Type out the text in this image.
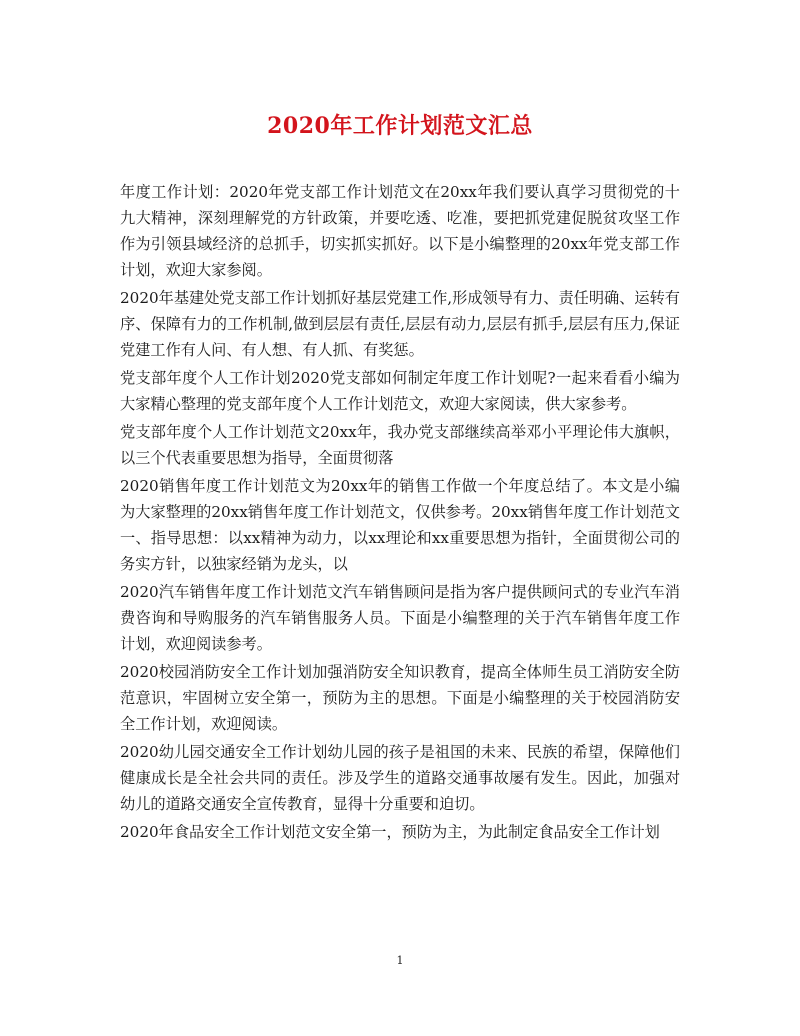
2020年工作计划范文汇总

年度工作计划：2020年党支部工作计划范文在20xx年我们要认真学习贯彻党的十九大精神，深刻理解党的方针政策，并要吃透、吃准，要把抓党建促脱贫攻坚工作作为引领县域经济的总抓手，切实抓实抓好。以下是小编整理的20xx年党支部工作计划，欢迎大家参阅。

2020年基建处党支部工作计划抓好基层党建工作,形成领导有力、责任明确、运转有序、保障有力的工作机制,做到层层有责任,层层有动力,层层有抓手,层层有压力,保证党建工作有人问、有人想、有人抓、有奖惩。

党支部年度个人工作计划2020党支部如何制定年度工作计划呢?一起来看看小编为大家精心整理的党支部年度个人工作计划范文，欢迎大家阅读，供大家参考。

党支部年度个人工作计划范文20xx年，我办党支部继续高举邓小平理论伟大旗帜，以三个代表重要思想为指导，全面贯彻落

2020销售年度工作计划范文为20xx年的销售工作做一个年度总结了。本文是小编为大家整理的20xx销售年度工作计划范文，仅供参考。20xx销售年度工作计划范文一、指导思想：以xx精神为动力，以xx理论和xx重要思想为指针，全面贯彻公司的务实方针，以独家经销为龙头，以

2020汽车销售年度工作计划范文汽车销售顾问是指为客户提供顾问式的专业汽车消费咨询和导购服务的汽车销售服务人员。下面是小编整理的关于汽车销售年度工作计划，欢迎阅读参考。

2020校园消防安全工作计划加强消防安全知识教育，提高全体师生员工消防安全防范意识，牢固树立安全第一，预防为主的思想。下面是小编整理的关于校园消防安全工作计划，欢迎阅读。

2020幼儿园交通安全工作计划幼儿园的孩子是祖国的未来、民族的希望，保障他们健康成长是全社会共同的责任。涉及学生的道路交通事故屡有发生。因此，加强对幼儿的道路交通安全宣传教育，显得十分重要和迫切。

2020年食品安全工作计划范文安全第一，预防为主，为此制定食品安全工作计划

1
